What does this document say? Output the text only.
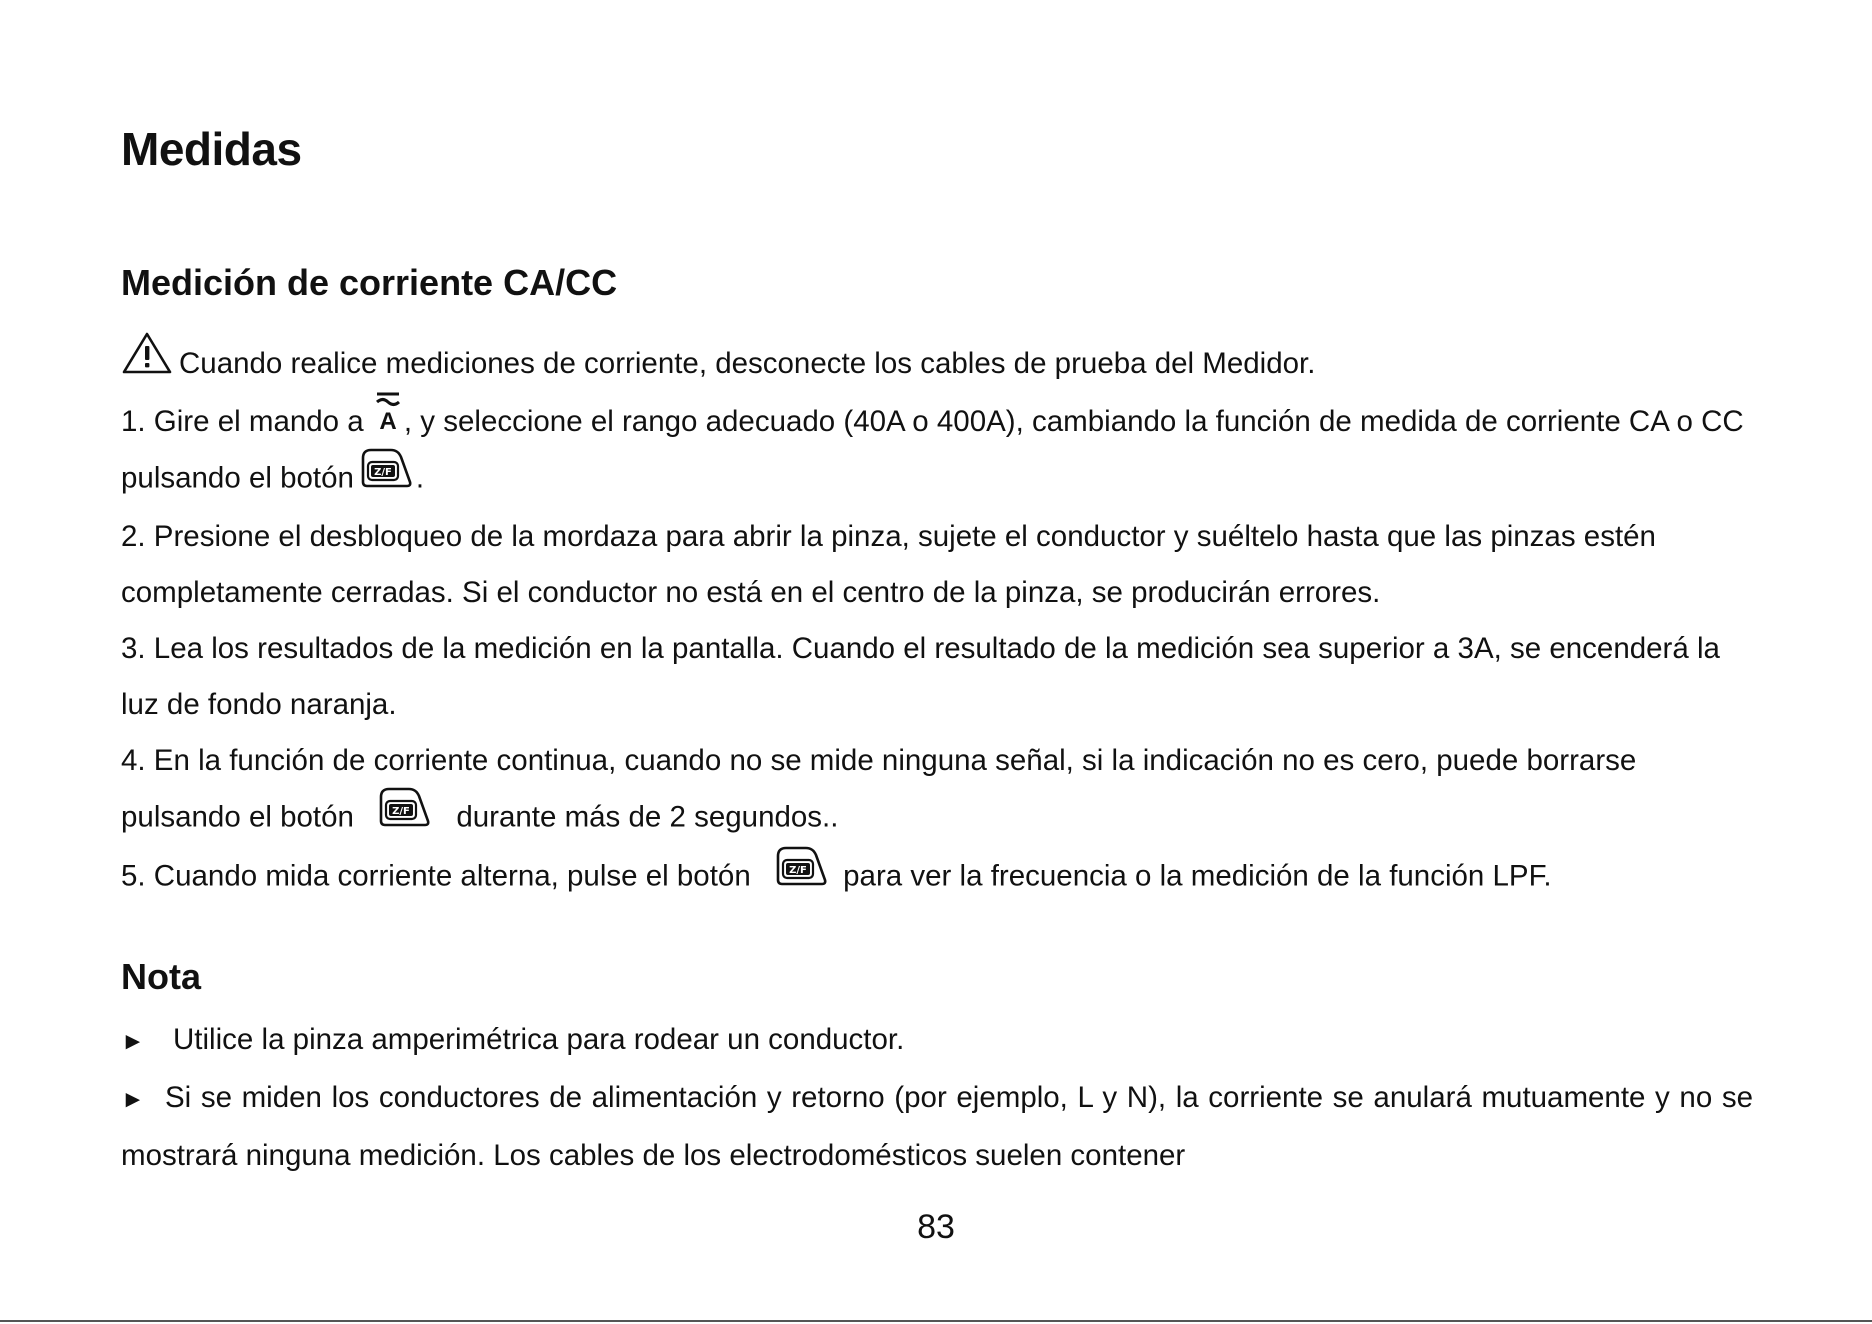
Medidas
Medición de corriente CA/CC

Cuando realice mediciones de corriente, desconecte los cables de prueba del Medidor.

1. Gire el mando a A , y seleccione el rango adecuado (40A o 400A), cambiando la función de medida de corriente CA o CC pulsando el botón Z/F .

2. Presione el desbloqueo de la mordaza para abrir la pinza, sujete el conductor y suéltelo hasta que las pinzas estén completamente cerradas. Si el conductor no está en el centro de la pinza, se producirán errores.

3. Lea los resultados de la medición en la pantalla. Cuando el resultado de la medición sea superior a 3A, se encenderá la luz de fondo naranja.

4. En la función de corriente continua, cuando no se mide ninguna señal, si la indicación no es cero, puede borrarse pulsando el botón	Z/F durante más de 2 segundos..

5. Cuando mida corriente alterna, pulse el botón	Z/F para ver la frecuencia o la medición de la función LPF.

Nota

► Utilice la pinza amperimétrica para rodear un conductor.

► Si se miden los conductores de alimentación y retorno (por ejemplo, L y N), la corriente se anulará mutuamente y no se mostrará ninguna medición. Los cables de los electrodomésticos suelen contener

83
